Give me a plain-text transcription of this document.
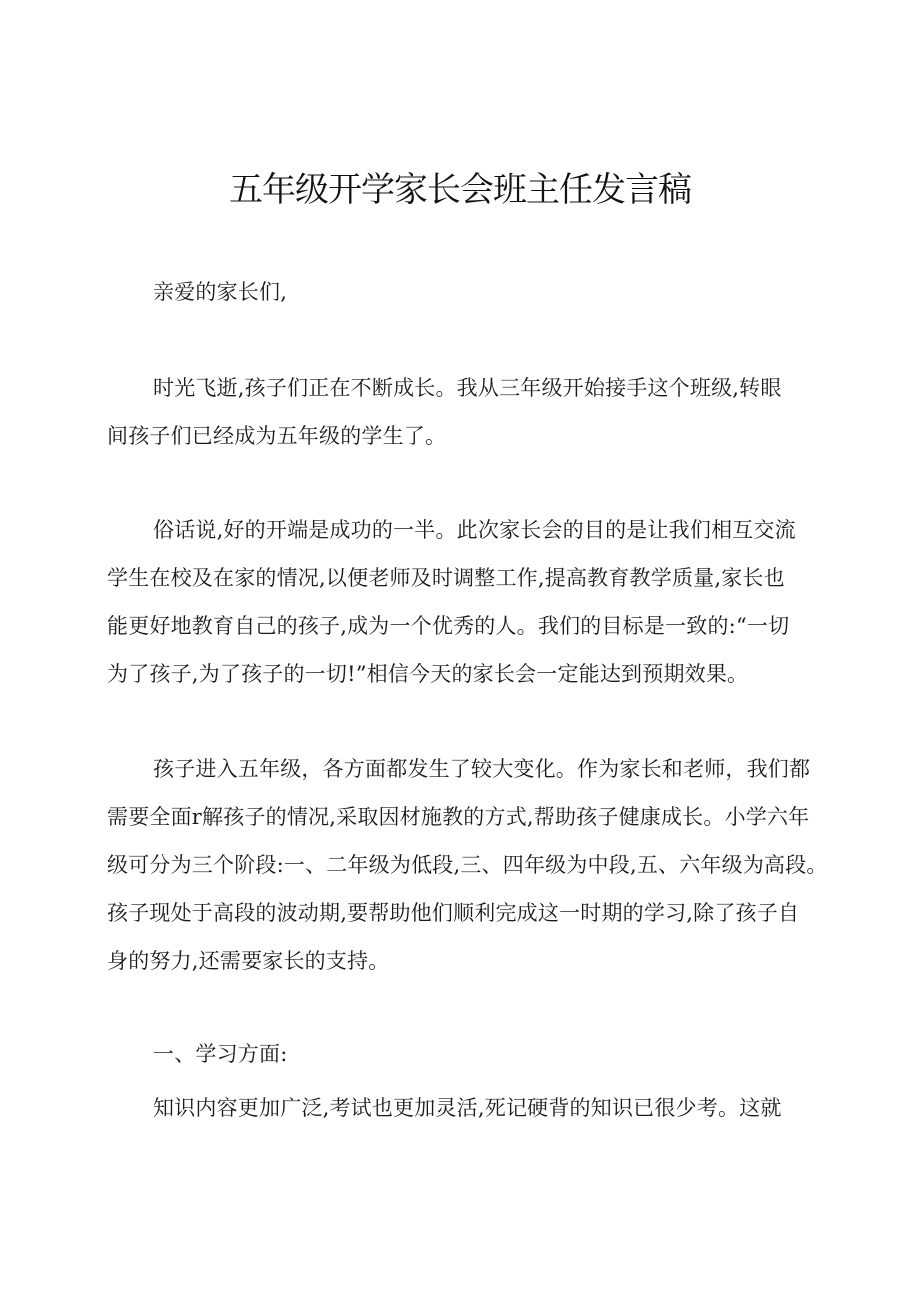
五年级开学家长会班主任发言稿

亲爱的家长们,

时光飞逝,孩子们正在不断成长。我从三年级开始接手这个班级,转眼
间孩子们已经成为五年级的学生了。

俗话说,好的开端是成功的一半。此次家长会的目的是让我们相互交流
学生在校及在家的情况,以便老师及时调整工作,提高教育教学质量,家长也
能更好地教育自己的孩子,成为一个优秀的人。我们的目标是一致的:“一切
为了孩子,为了孩子的一切!”相信今天的家长会一定能达到预期效果。

孩子进入五年级，各方面都发生了较大变化。作为家长和老师，我们都
需要全面r解孩子的情况,采取因材施教的方式,帮助孩子健康成长。小学六年
级可分为三个阶段:一、二年级为低段,三、四年级为中段,五、六年级为高段。
孩子现处于高段的波动期,要帮助他们顺利完成这一时期的学习,除了孩子自
身的努力,还需要家长的支持。

一、学习方面:

知识内容更加广泛,考试也更加灵活,死记硬背的知识已很少考。这就
